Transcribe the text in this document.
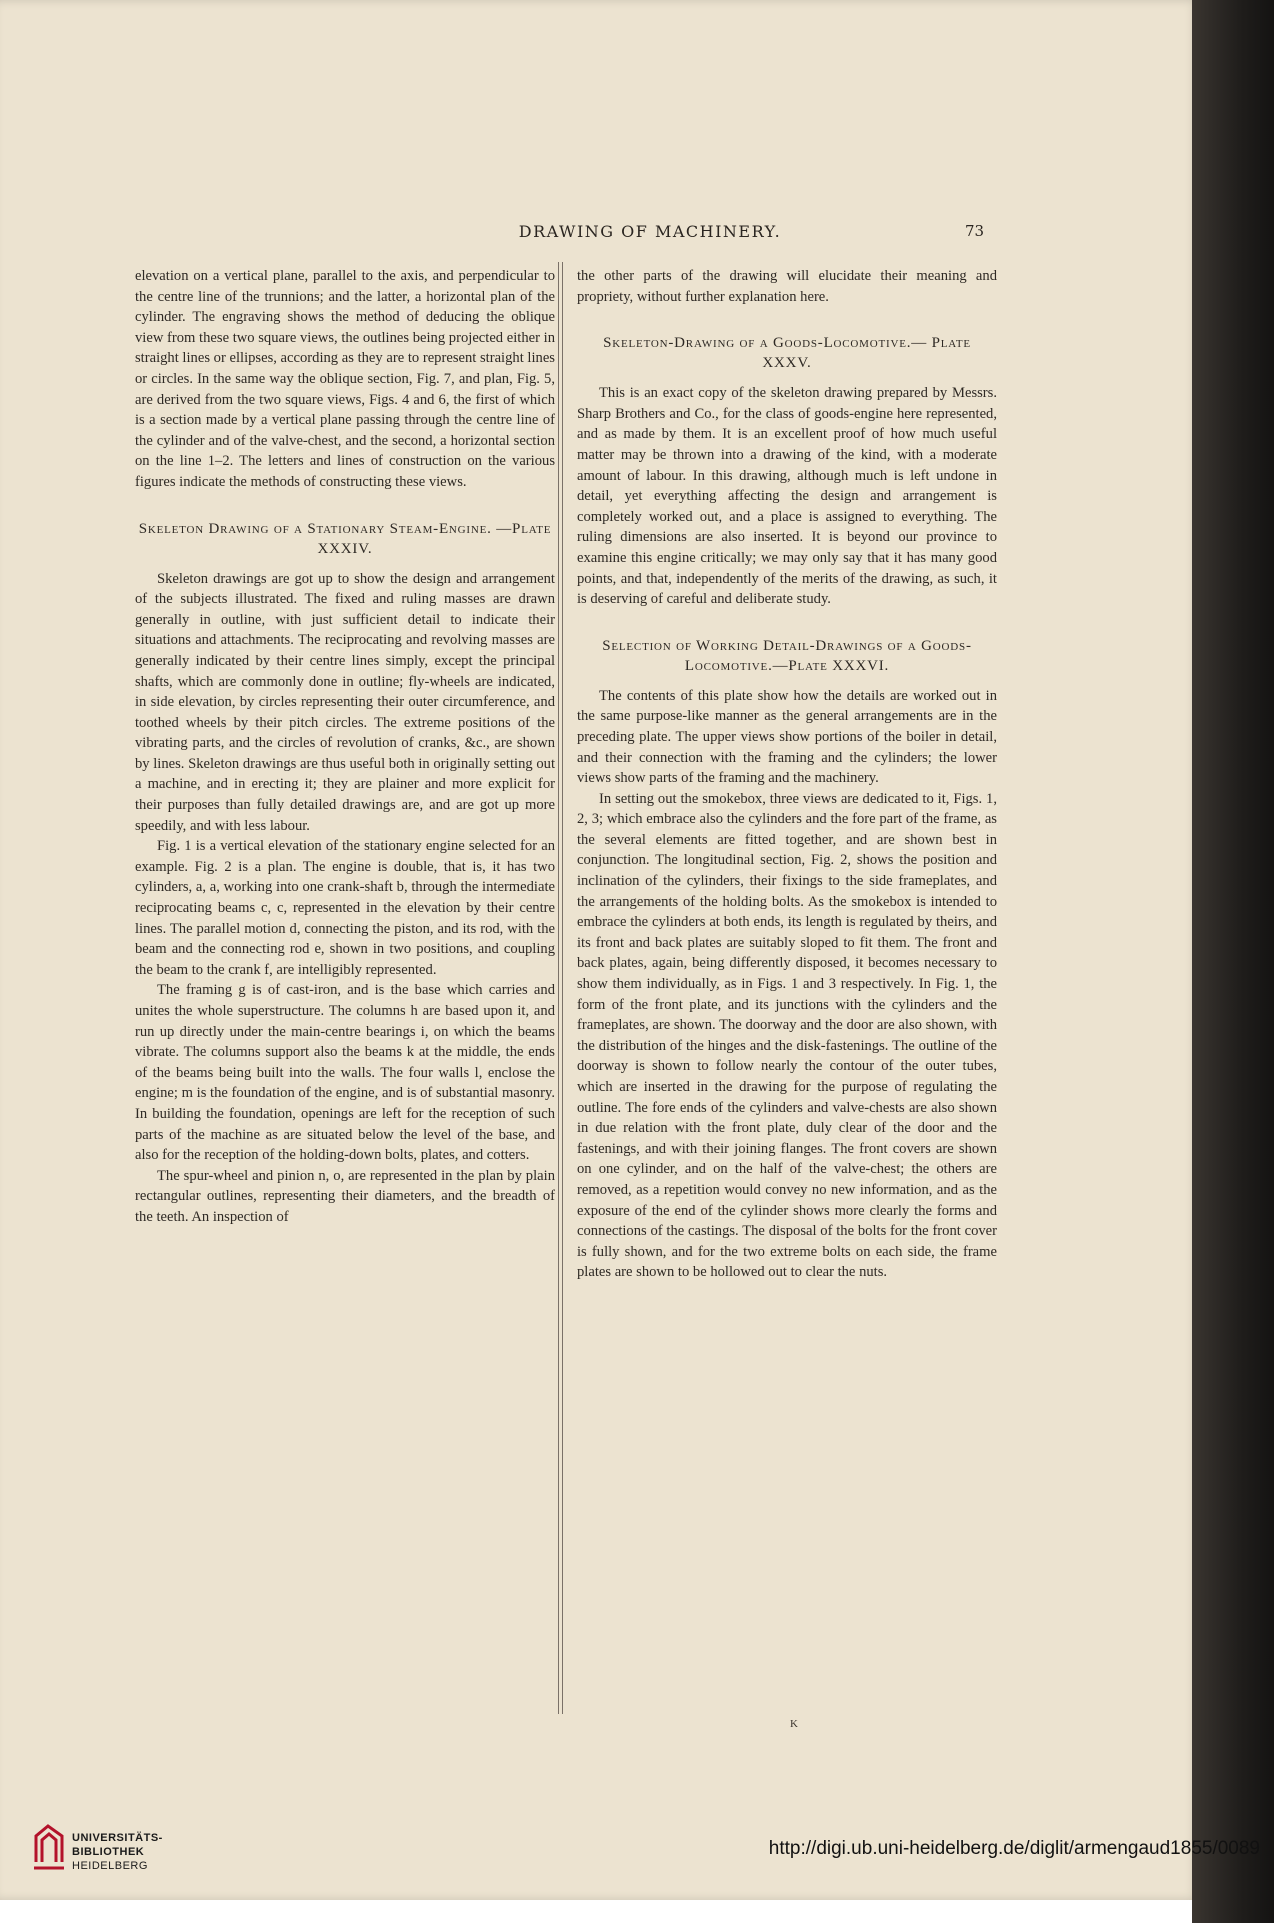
DRAWING OF MACHINERY.	73

elevation on a vertical plane, parallel to the axis, and perpendicular to the centre line of the trunnions; and the latter, a horizontal plan of the cylinder. The engraving shows the method of deducing the oblique view from these two square views, the outlines being projected either in straight lines or ellipses, according as they are to represent straight lines or circles. In the same way the oblique section, Fig. 7, and plan, Fig. 5, are derived from the two square views, Figs. 4 and 6, the first of which is a section made by a vertical plane passing through the centre line of the cylinder and of the valve-chest, and the second, a horizontal section on the line 1–2. The letters and lines of construction on the various figures indicate the methods of constructing these views.

Skeleton Drawing of a Stationary Steam-Engine. —Plate XXXIV.

Skeleton drawings are got up to show the design and arrangement of the subjects illustrated. The fixed and ruling masses are drawn generally in outline, with just sufficient detail to indicate their situations and attachments. The reciprocating and revolving masses are generally indicated by their centre lines simply, except the principal shafts, which are commonly done in outline; fly-wheels are indicated, in side elevation, by circles representing their outer circumference, and toothed wheels by their pitch circles. The extreme positions of the vibrating parts, and the circles of revolution of cranks, &c., are shown by lines. Skeleton drawings are thus useful both in originally setting out a machine, and in erecting it; they are plainer and more explicit for their purposes than fully detailed drawings are, and are got up more speedily, and with less labour.

Fig. 1 is a vertical elevation of the stationary engine selected for an example. Fig. 2 is a plan. The engine is double, that is, it has two cylinders, a, a, working into one crank-shaft b, through the intermediate reciprocating beams c, c, represented in the elevation by their centre lines. The parallel motion d, connecting the piston, and its rod, with the beam and the connecting rod e, shown in two positions, and coupling the beam to the crank f, are intelligibly represented.

The framing g is of cast-iron, and is the base which carries and unites the whole superstructure. The columns h are based upon it, and run up directly under the main-centre bearings i, on which the beams vibrate. The columns support also the beams k at the middle, the ends of the beams being built into the walls. The four walls l, enclose the engine; m is the foundation of the engine, and is of substantial masonry. In building the foundation, openings are left for the reception of such parts of the machine as are situated below the level of the base, and also for the reception of the holding-down bolts, plates, and cotters.

The spur-wheel and pinion n, o, are represented in the plan by plain rectangular outlines, representing their diameters, and the breadth of the teeth. An inspection of

the other parts of the drawing will elucidate their meaning and propriety, without further explanation here.

Skeleton-Drawing of a Goods-Locomotive.— Plate XXXV.

This is an exact copy of the skeleton drawing prepared by Messrs. Sharp Brothers and Co., for the class of goods-engine here represented, and as made by them. It is an excellent proof of how much useful matter may be thrown into a drawing of the kind, with a moderate amount of labour. In this drawing, although much is left undone in detail, yet everything affecting the design and arrangement is completely worked out, and a place is assigned to everything. The ruling dimensions are also inserted. It is beyond our province to examine this engine critically; we may only say that it has many good points, and that, independently of the merits of the drawing, as such, it is deserving of careful and deliberate study.

Selection of Working Detail-Drawings of a Goods-Locomotive.—Plate XXXVI.

The contents of this plate show how the details are worked out in the same purpose-like manner as the general arrangements are in the preceding plate. The upper views show portions of the boiler in detail, and their connection with the framing and the cylinders; the lower views show parts of the framing and the machinery.

In setting out the smokebox, three views are dedicated to it, Figs. 1, 2, 3; which embrace also the cylinders and the fore part of the frame, as the several elements are fitted together, and are shown best in conjunction. The longitudinal section, Fig. 2, shows the position and inclination of the cylinders, their fixings to the side frameplates, and the arrangements of the holding bolts. As the smokebox is intended to embrace the cylinders at both ends, its length is regulated by theirs, and its front and back plates are suitably sloped to fit them. The front and back plates, again, being differently disposed, it becomes necessary to show them individually, as in Figs. 1 and 3 respectively. In Fig. 1, the form of the front plate, and its junctions with the cylinders and the frameplates, are shown. The doorway and the door are also shown, with the distribution of the hinges and the disk-fastenings. The outline of the doorway is shown to follow nearly the contour of the outer tubes, which are inserted in the drawing for the purpose of regulating the outline. The fore ends of the cylinders and valve-chests are also shown in due relation with the front plate, duly clear of the door and the fastenings, and with their joining flanges. The front covers are shown on one cylinder, and on the half of the valve-chest; the others are removed, as a repetition would convey no new information, and as the exposure of the end of the cylinder shows more clearly the forms and connections of the castings. The disposal of the bolts for the front cover is fully shown, and for the two extreme bolts on each side, the frame plates are shown to be hollowed out to clear the nuts.

K
UNIVERSITÄTS-
BIBLIOTHEK
HEIDELBERG
http://digi.ub.uni-heidelberg.de/diglit/armengaud1855/0089
